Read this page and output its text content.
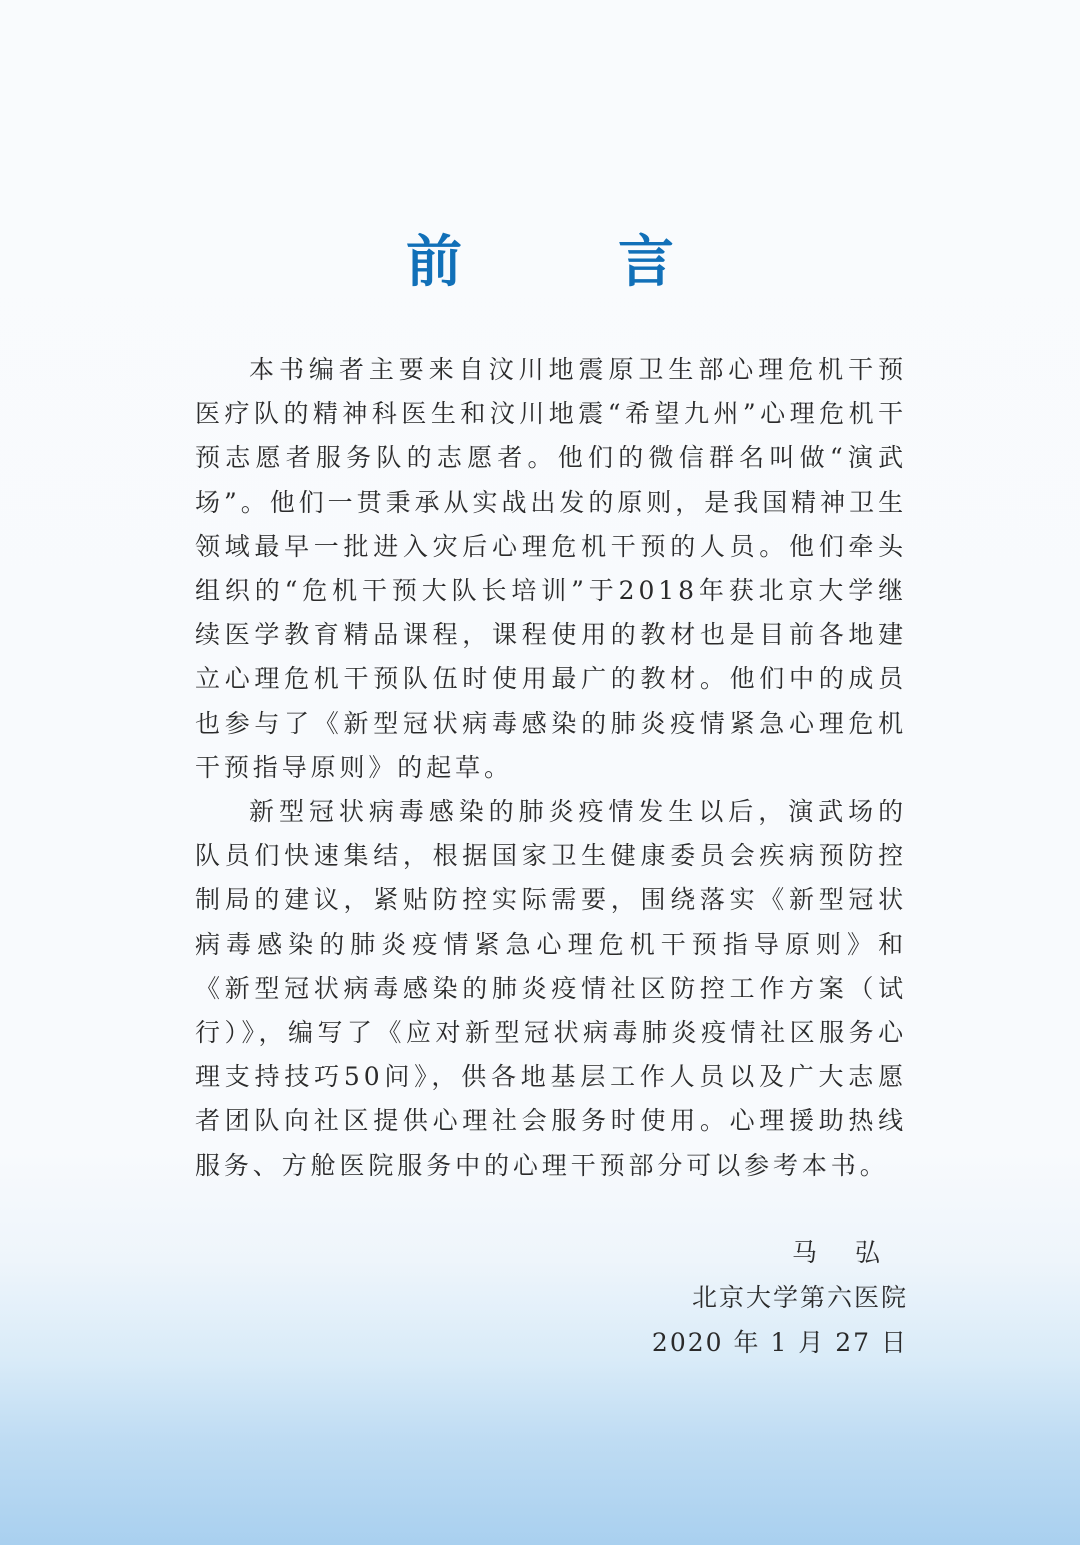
前　言

本书编者主要来自汶川地震原卫生部心理危机干预医疗队的精神科医生和汶川地震“希望九州”心理危机干预志愿者服务队的志愿者。他们的微信群名叫做“演武场”。他们一贯秉承从实战出发的原则，是我国精神卫生领域最早一批进入灾后心理危机干预的人员。他们牵头组织的“危机干预大队长培训”于2018年获北京大学继续医学教育精品课程，课程使用的教材也是目前各地建立心理危机干预队伍时使用最广的教材。他们中的成员也参与了《新型冠状病毒感染的肺炎疫情紧急心理危机干预指导原则》的起草。

新型冠状病毒感染的肺炎疫情发生以后，演武场的队员们快速集结，根据国家卫生健康委员会疾病预防控制局的建议，紧贴防控实际需要，围绕落实《新型冠状病毒感染的肺炎疫情紧急心理危机干预指导原则》和《新型冠状病毒感染的肺炎疫情社区防控工作方案（试行）》，编写了《应对新型冠状病毒肺炎疫情社区服务心理支持技巧50问》，供各地基层工作人员以及广大志愿者团队向社区提供心理社会服务时使用。心理援助热线服务、方舱医院服务中的心理干预部分可以参考本书。

马弘
北京大学第六医院
2020 年 1 月 27 日
